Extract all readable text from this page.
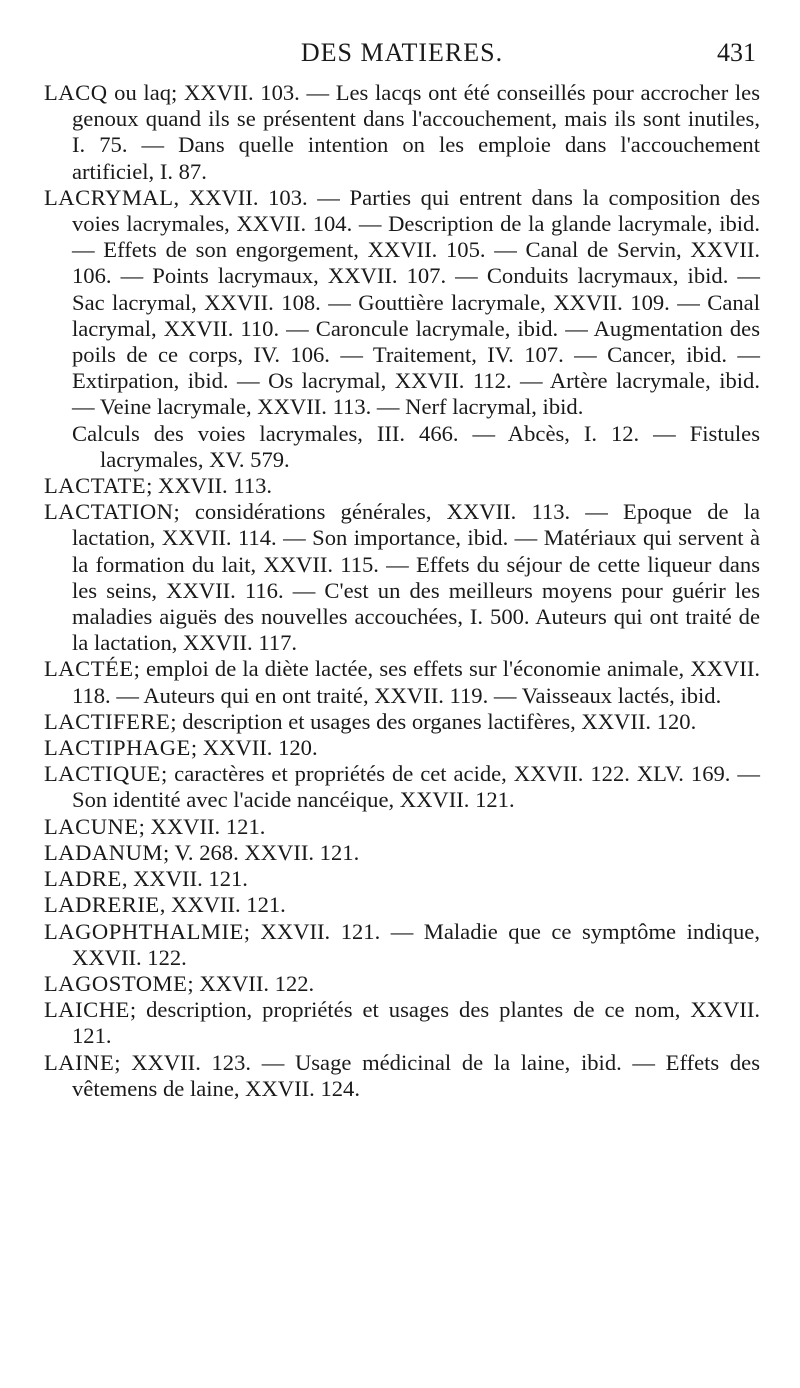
DES MATIERES.	431

LACQ ou laq; XXVII. 103. — Les lacqs ont été conseillés pour accrocher les genoux quand ils se présentent dans l'accouchement, mais ils sont inutiles, I. 75. — Dans quelle intention on les emploie dans l'accouchement artificiel, I. 87.

LACRYMAL, XXVII. 103. — Parties qui entrent dans la composition des voies lacrymales, XXVII. 104. — Description de la glande lacrymale, ibid. — Effets de son engorgement, XXVII. 105. — Canal de Servin, XXVII. 106. — Points lacrymaux, XXVII. 107. — Conduits lacrymaux, ibid. — Sac lacrymal, XXVII. 108. — Gouttière lacrymale, XXVII. 109. — Canal lacrymal, XXVII. 110. — Caroncule lacrymale, ibid. — Augmentation des poils de ce corps, IV. 106. — Traitement, IV. 107. — Cancer, ibid. — Extirpation, ibid. — Os lacrymal, XXVII. 112. — Artère lacrymale, ibid. — Veine lacrymale, XXVII. 113. — Nerf lacrymal, ibid.

Calculs des voies lacrymales, III. 466. — Abcès, I. 12. — Fistules lacrymales, XV. 579.

LACTATE; XXVII. 113.

LACTATION; considérations générales, XXVII. 113. — Epoque de la lactation, XXVII. 114. — Son importance, ibid. — Matériaux qui servent à la formation du lait, XXVII. 115. — Effets du séjour de cette liqueur dans les seins, XXVII. 116. — C'est un des meilleurs moyens pour guérir les maladies aiguës des nouvelles accouchées, I. 500. Auteurs qui ont traité de la lactation, XXVII. 117.

LACTÉE; emploi de la diète lactée, ses effets sur l'économie animale, XXVII. 118. — Auteurs qui en ont traité, XXVII. 119. — Vaisseaux lactés, ibid.

LACTIFERE; description et usages des organes lactifères, XXVII. 120.

LACTIPHAGE; XXVII. 120.

LACTIQUE; caractères et propriétés de cet acide, XXVII. 122. XLV. 169. — Son identité avec l'acide nancéique, XXVII. 121.

LACUNE; XXVII. 121.

LADANUM; V. 268. XXVII. 121.

LADRE, XXVII. 121.

LADRERIE, XXVII. 121.

LAGOPHTHALMIE; XXVII. 121. — Maladie que ce symptôme indique, XXVII. 122.

LAGOSTOME; XXVII. 122.

LAICHE; description, propriétés et usages des plantes de ce nom, XXVII. 121.

LAINE; XXVII. 123. — Usage médicinal de la laine, ibid. — Effets des vêtemens de laine, XXVII. 124.
